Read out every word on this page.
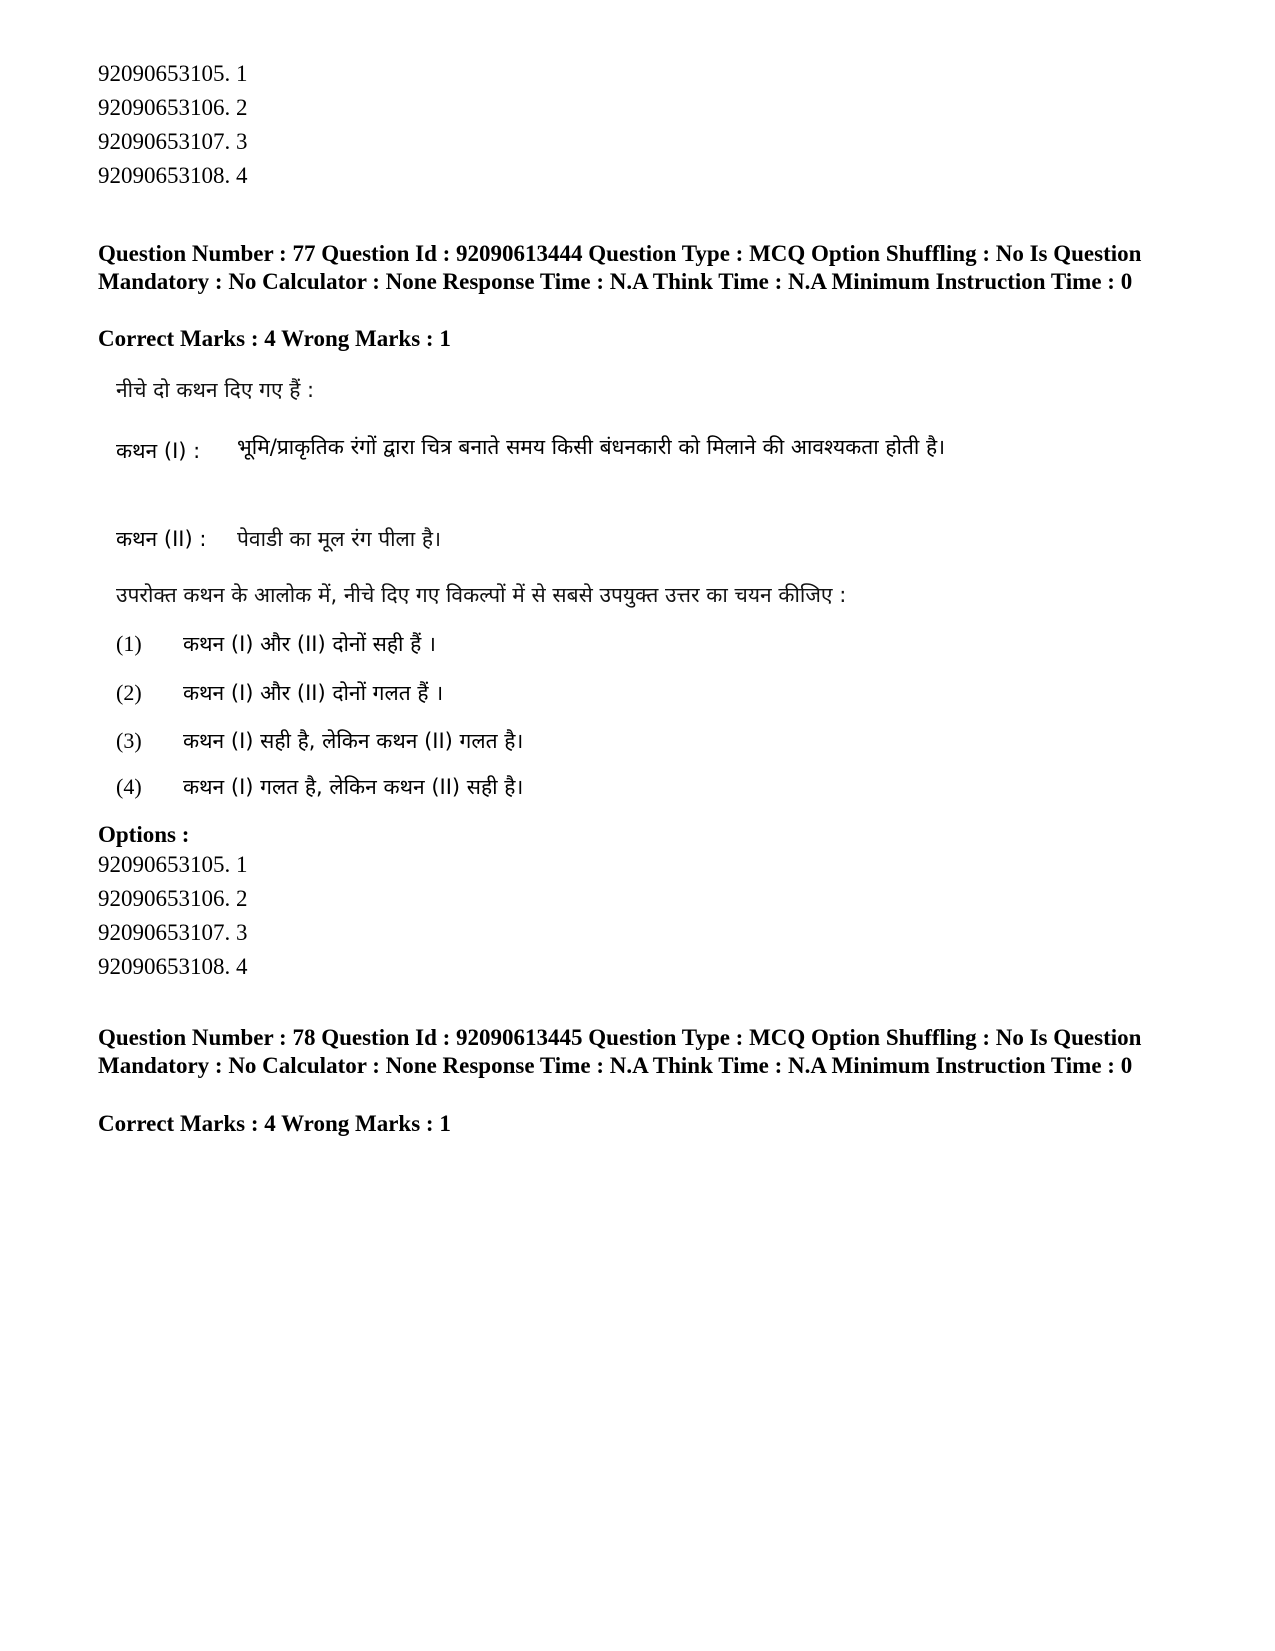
92090653105. 1
92090653106. 2
92090653107. 3
92090653108. 4
Question Number : 77 Question Id : 92090613444 Question Type : MCQ Option Shuffling : No Is Question Mandatory : No Calculator : None Response Time : N.A Think Time : N.A Minimum Instruction Time : 0
Correct Marks : 4 Wrong Marks : 1
नीचे दो कथन दिए गए हैं :
कथन (I) : भूमि/प्राकृतिक रंगों द्वारा चित्र बनाते समय किसी बंधनकारी को मिलाने की आवश्यकता होती है।
कथन (II) : पेवाडी का मूल रंग पीला है।
उपरोक्त कथन के आलोक में, नीचे दिए गए विकल्पों में से सबसे उपयुक्त उत्तर का चयन कीजिए :
(1) कथन (I) और (II) दोनों सही हैं ।
(2) कथन (I) और (II) दोनों गलत हैं ।
(3) कथन (I) सही है, लेकिन कथन (II) गलत है।
(4) कथन (I) गलत है, लेकिन कथन (II) सही है।
Options :
92090653105. 1
92090653106. 2
92090653107. 3
92090653108. 4
Question Number : 78 Question Id : 92090613445 Question Type : MCQ Option Shuffling : No Is Question Mandatory : No Calculator : None Response Time : N.A Think Time : N.A Minimum Instruction Time : 0
Correct Marks : 4 Wrong Marks : 1
